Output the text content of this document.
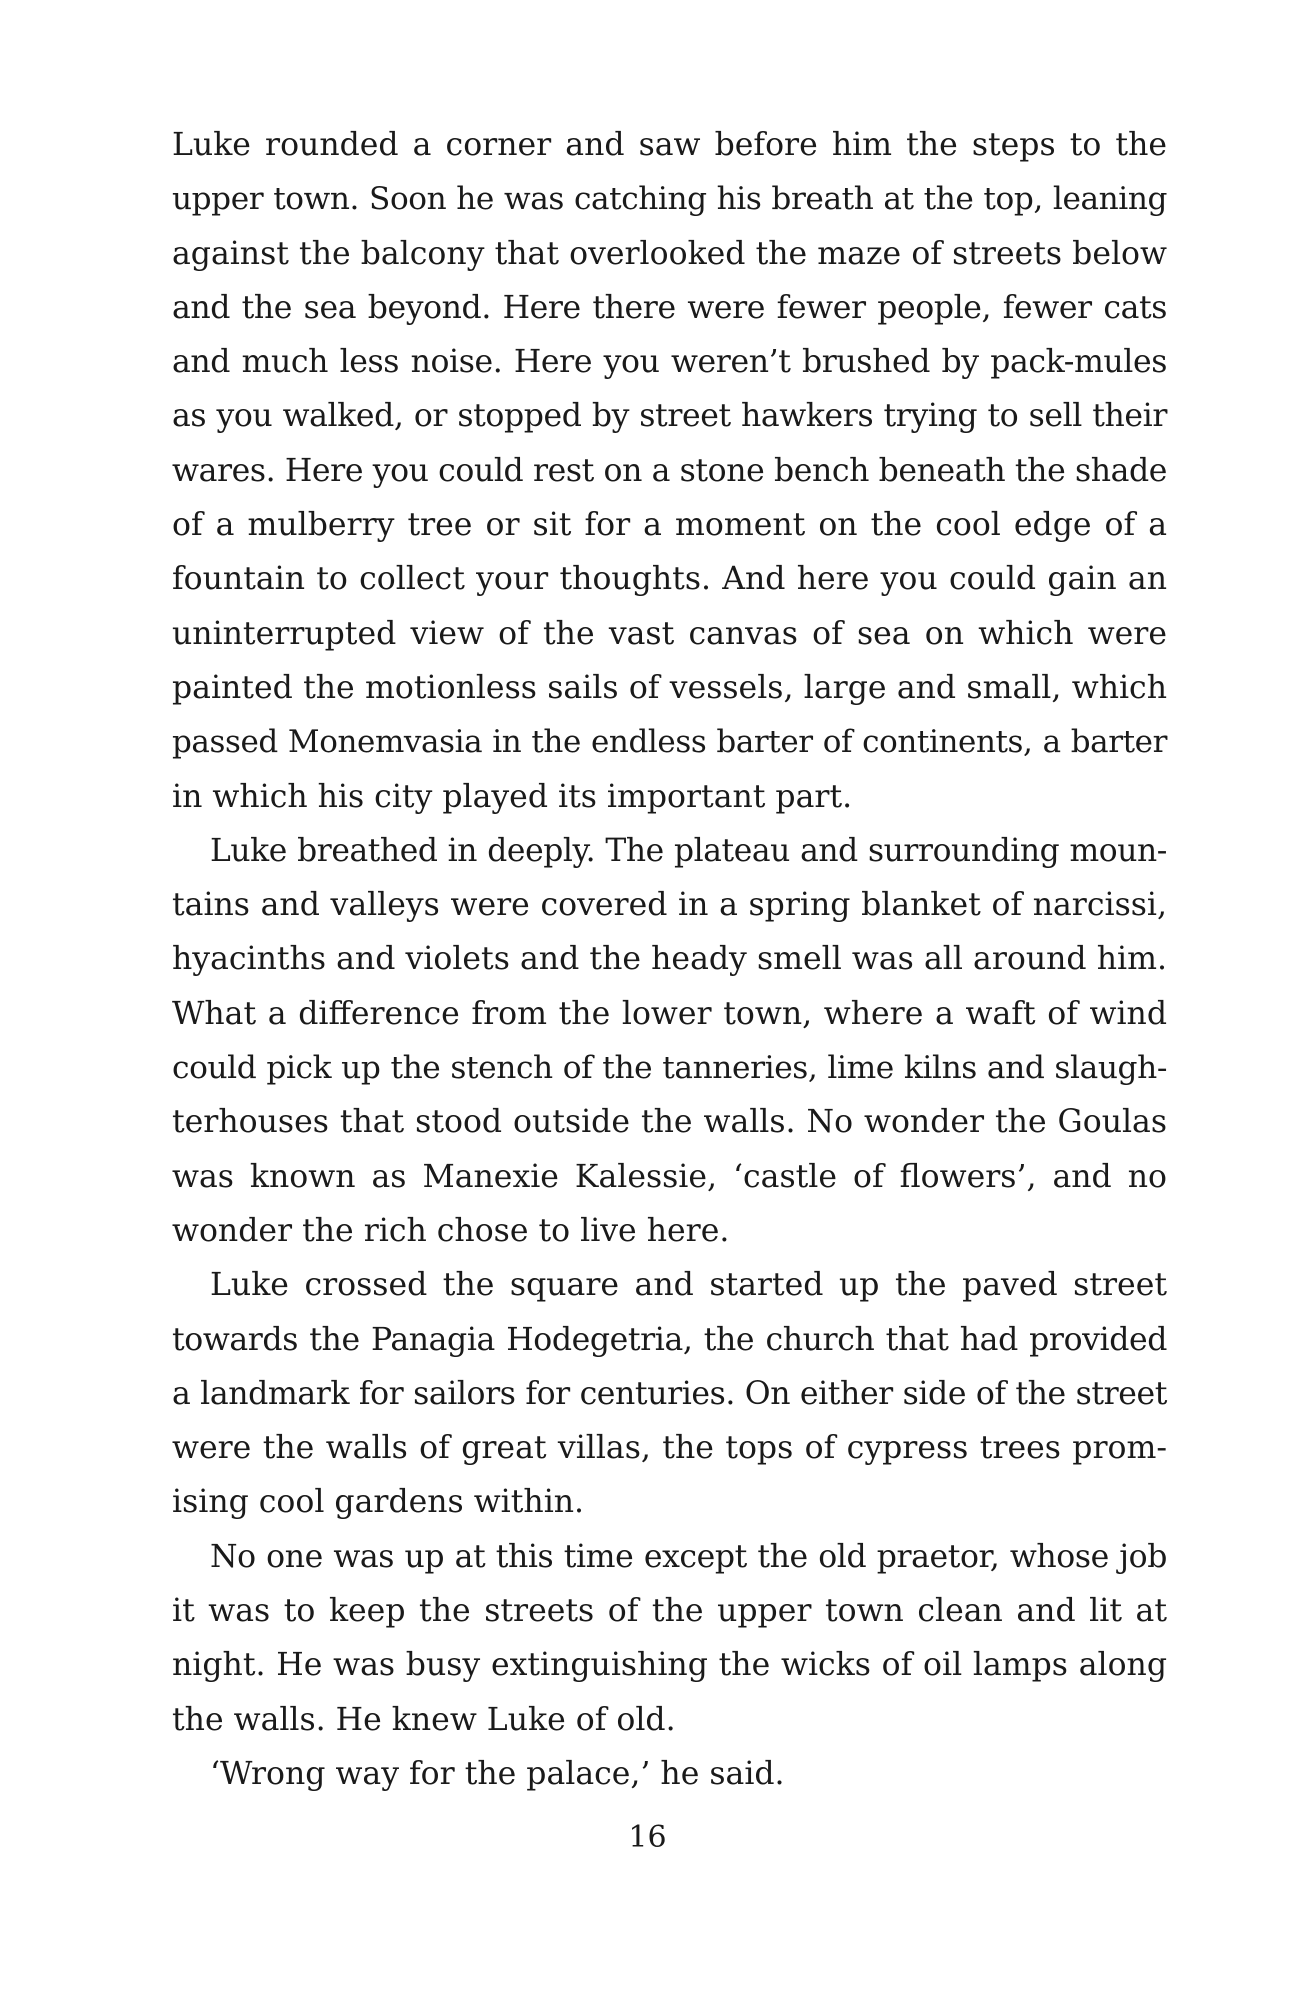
Luke rounded a corner and saw before him the steps to the
upper town. Soon he was catching his breath at the top, leaning
against the balcony that overlooked the maze of streets below
and the sea beyond. Here there were fewer people, fewer cats
and much less noise. Here you weren’t brushed by pack-mules
as you walked, or stopped by street hawkers trying to sell their
wares. Here you could rest on a stone bench beneath the shade
of a mulberry tree or sit for a moment on the cool edge of a
fountain to collect your thoughts. And here you could gain an
uninterrupted view of the vast canvas of sea on which were
painted the motionless sails of vessels, large and small, which
passed Monemvasia in the endless barter of continents, a barter
in which his city played its important part.
Luke breathed in deeply. The plateau and surrounding moun-
tains and valleys were covered in a spring blanket of narcissi,
hyacinths and violets and the heady smell was all around him.
What a difference from the lower town, where a waft of wind
could pick up the stench of the tanneries, lime kilns and slaugh-
terhouses that stood outside the walls. No wonder the Goulas
was known as Manexie Kalessie, ‘castle of flowers’, and no
wonder the rich chose to live here.
Luke crossed the square and started up the paved street
towards the Panagia Hodegetria, the church that had provided
a landmark for sailors for centuries. On either side of the street
were the walls of great villas, the tops of cypress trees prom-
ising cool gardens within.
No one was up at this time except the old praetor, whose job
it was to keep the streets of the upper town clean and lit at
night. He was busy extinguishing the wicks of oil lamps along
the walls. He knew Luke of old.
‘Wrong way for the palace,’ he said.
16
